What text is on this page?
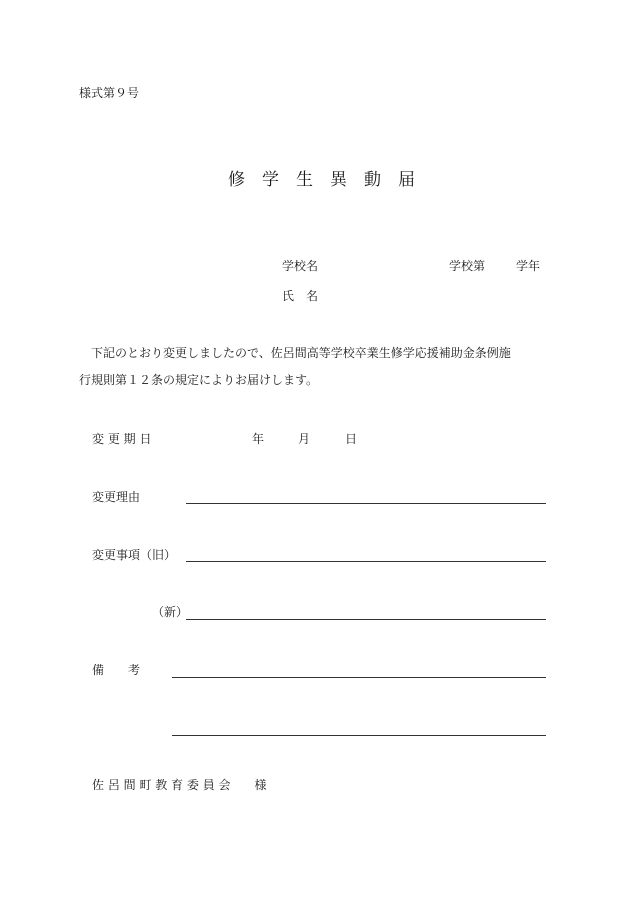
様式第９号
修　学　生　異　動　届
学校名	学校第	学年
氏　名
　下記のとおり変更しましたので、佐呂間高等学校卒業生修学応援補助金条例施
行規則第１２条の規定によりお届けします。
変 更 期 日	年	月	日
変更理由
変更事項（旧）
（新）
備　　考
佐 呂 間 町 教 育 委 員 会　　様
